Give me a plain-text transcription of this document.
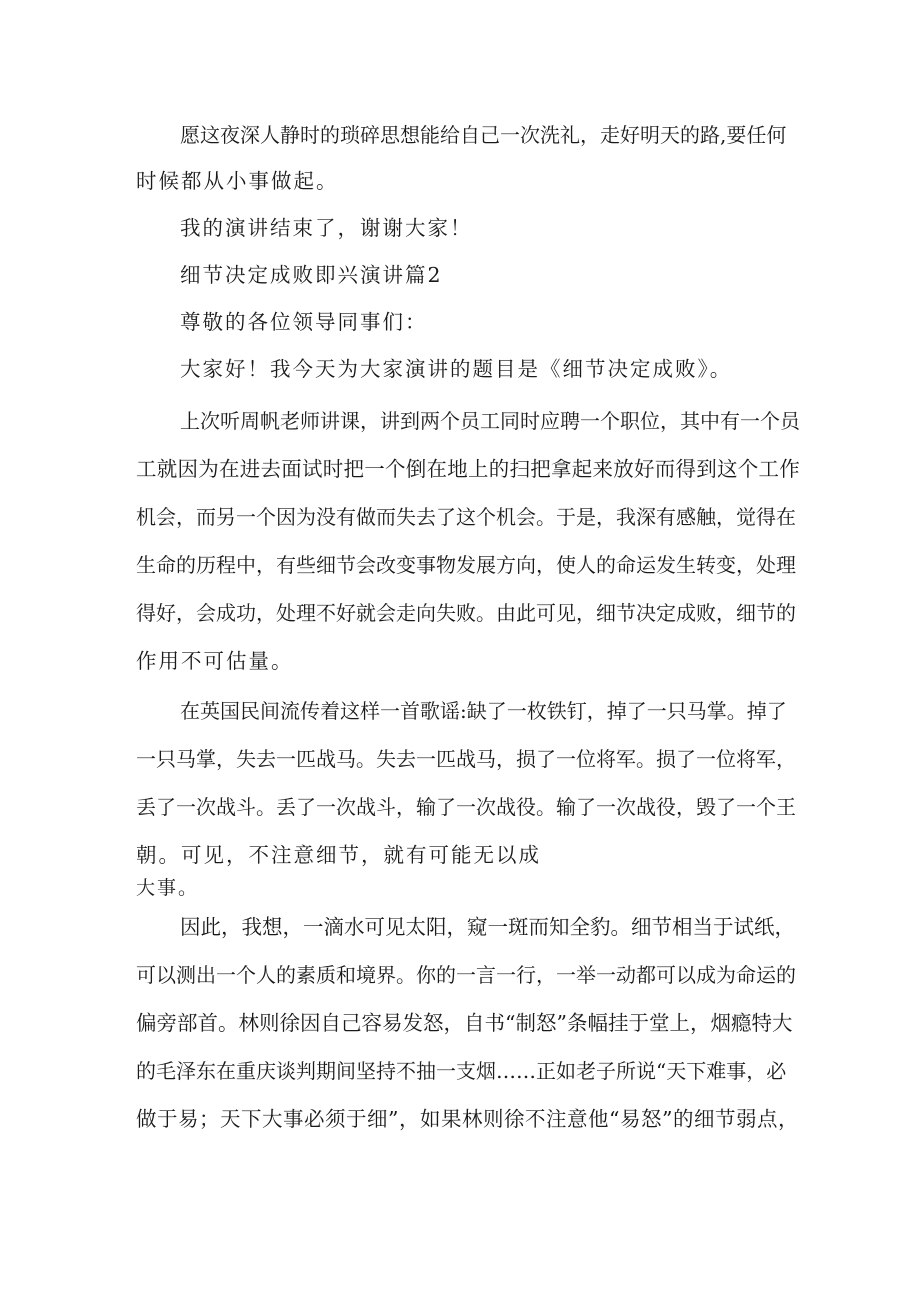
愿这夜深人静时的琐碎思想能给自己一次洗礼，走好明天的路,要任何
时候都从小事做起。
我的演讲结束了，谢谢大家！
细节决定成败即兴演讲篇2
尊敬的各位领导同事们：
大家好！我今天为大家演讲的题目是《细节决定成败》。
上次听周帆老师讲课，讲到两个员工同时应聘一个职位，其中有一个员
工就因为在进去面试时把一个倒在地上的扫把拿起来放好而得到这个工作
机会，而另一个因为没有做而失去了这个机会。于是，我深有感触，觉得在
生命的历程中，有些细节会改变事物发展方向，使人的命运发生转变，处理
得好，会成功，处理不好就会走向失败。由此可见，细节决定成败，细节的
作用不可估量。
在英国民间流传着这样一首歌谣:缺了一枚铁钉，掉了一只马掌。掉了
一只马掌，失去一匹战马。失去一匹战马，损了一位将军。损了一位将军，
丢了一次战斗。丢了一次战斗，输了一次战役。输了一次战役，毁了一个王
朝。可见，不注意细节，就有可能无以成
大事。
因此，我想，一滴水可见太阳，窥一斑而知全豹。细节相当于试纸，
可以测出一个人的素质和境界。你的一言一行，一举一动都可以成为命运的
偏旁部首。林则徐因自己容易发怒，自书“制怒”条幅挂于堂上，烟瘾特大
的毛泽东在重庆谈判期间坚持不抽一支烟……正如老子所说“天下难事，必
做于易；天下大事必须于细”，如果林则徐不注意他“易怒”的细节弱点，
